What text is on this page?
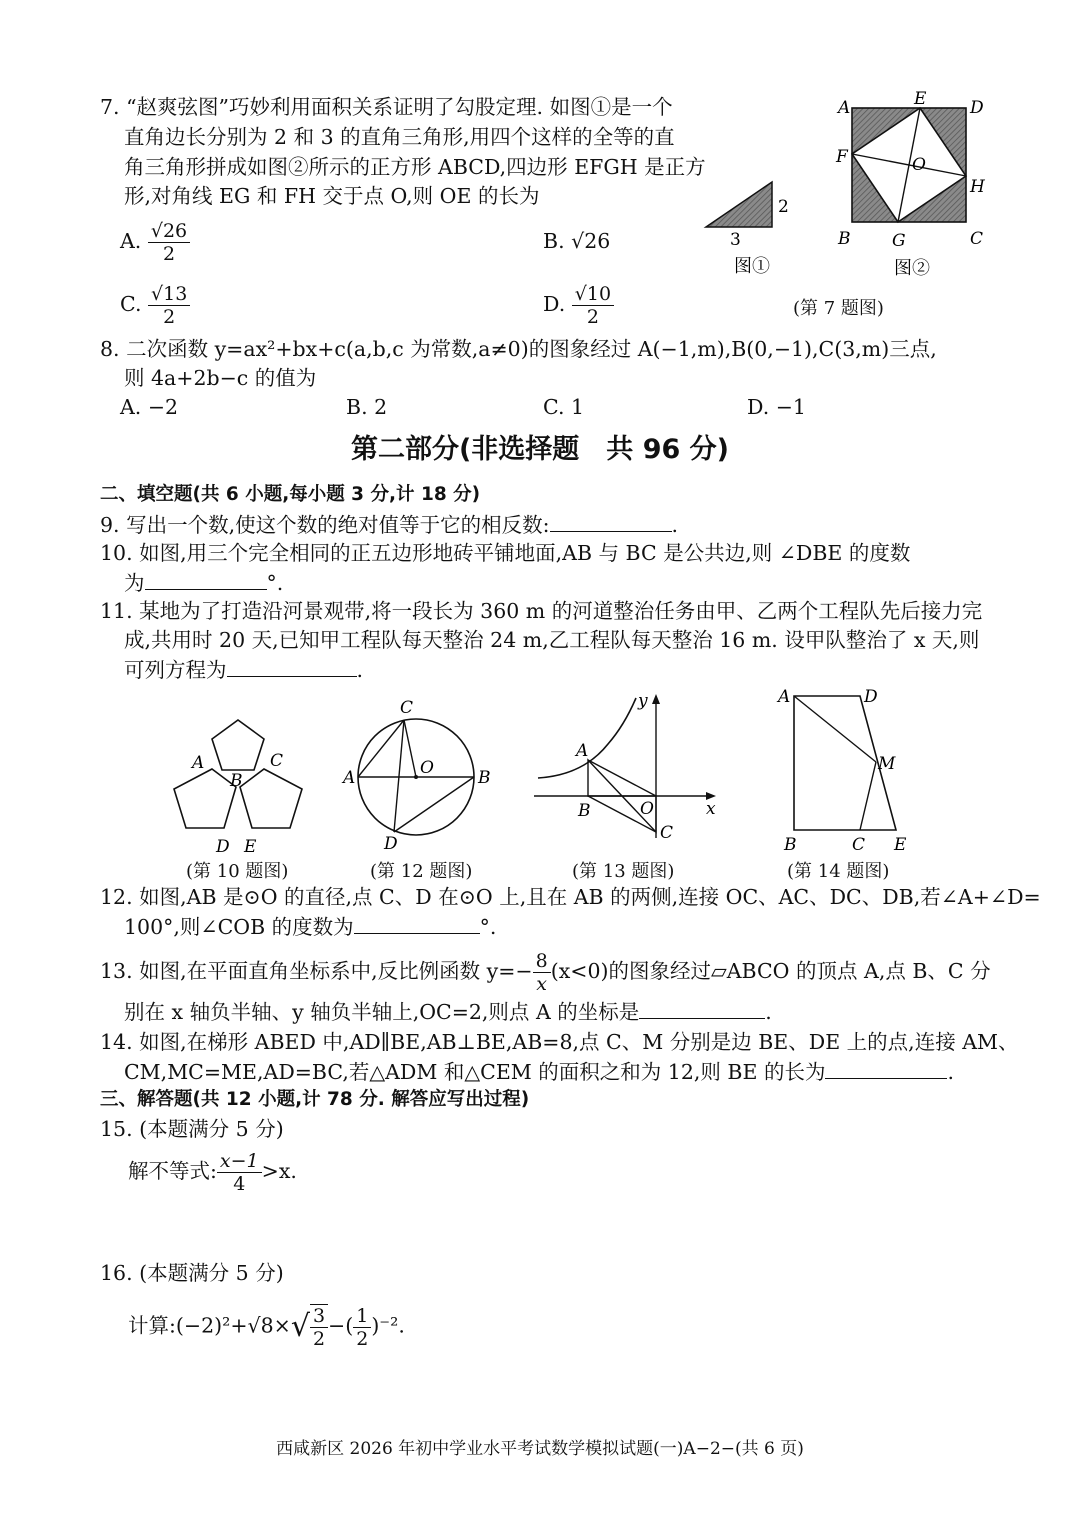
7. “赵爽弦图”巧妙利用面积关系证明了勾股定理. 如图①是一个
直角边长分别为 2 和 3 的直角三角形,用四个这样的全等的直
角三角形拼成如图②所示的正方形 ABCD,四边形 EFGH 是正方
形,对角线 EG 和 FH 交于点 O,则 OE 的长为
A. $\frac{√26}{2}$	B. √26
C. $\frac{√13}{2}$	D. $\frac{√10}{2}$
2
3
图①
A	E	D
F	O
H
B G	C
图②
(第 7 题图)
8. 二次函数 y=ax²+bx+c(a,b,c 为常数,a≠0)的图象经过 A(−1,m),B(0,−1),C(3,m)三点,
则 4a+2b−c 的值为
A. −2	B. 2	C. 1	D. −1
第二部分(非选择题　共 96 分)
二、填空题(共 6 小题,每小题 3 分,计 18 分)
9. 写出一个数,使这个数的绝对值等于它的相反数:	.
10. 如图,用三个完全相同的正五边形地砖平铺地面,AB 与 BC 是公共边,则 ∠DBE 的度数
为	°.
11. 某地为了打造沿河景观带,将一段长为 360 m 的河道整治任务由甲、乙两个工程队先后接力完
成,共用时 20 天,已知甲工程队每天整治 24 m,乙工程队每天整治 16 m. 设甲队整治了 x 天,则
可列方程为	.
A	C
B
D E
(第 10 题图)
C
A	O	B
D
(第 12 题图)
y
A
B	O	x
C
(第 13 题图)
A	D
M
B	C E
(第 14 题图)
12. 如图,AB 是⊙O 的直径,点 C、D 在⊙O 上,且在 AB 的两侧,连接 OC、AC、DC、DB,若∠A+∠D=
100°,则∠COB 的度数为	°.
13. 如图,在平面直角坐标系中,反比例函数 $y=- \frac{8}{x} (x<0)$的图象经过▱ABCO 的顶点 A,点 B、C 分
别在 x 轴负半轴、y 轴负半轴上,OC=2,则点 A 的坐标是	.
14. 如图,在梯形 ABED 中,AD∥BE,AB⊥BE,AB=8,点 C、M 分别是边 BE、DE 上的点,连接 AM、
CM,MC=ME,AD=BC,若△ADM 和△CEM 的面积之和为 12,则 BE 的长为	.
三、解答题(共 12 小题,计 78 分. 解答应写出过程)
15. (本题满分 5 分)
解不等式: $\frac{x-1}{4} >x$.
16. (本题满分 5 分)
计算:(−2)²+√8×√ $\frac{3}{2}$ −( $\frac{1}{2} )^{-2}$.
西咸新区 2026 年初中学业水平考试数学模拟试题(一)A−2−(共 6 页)
